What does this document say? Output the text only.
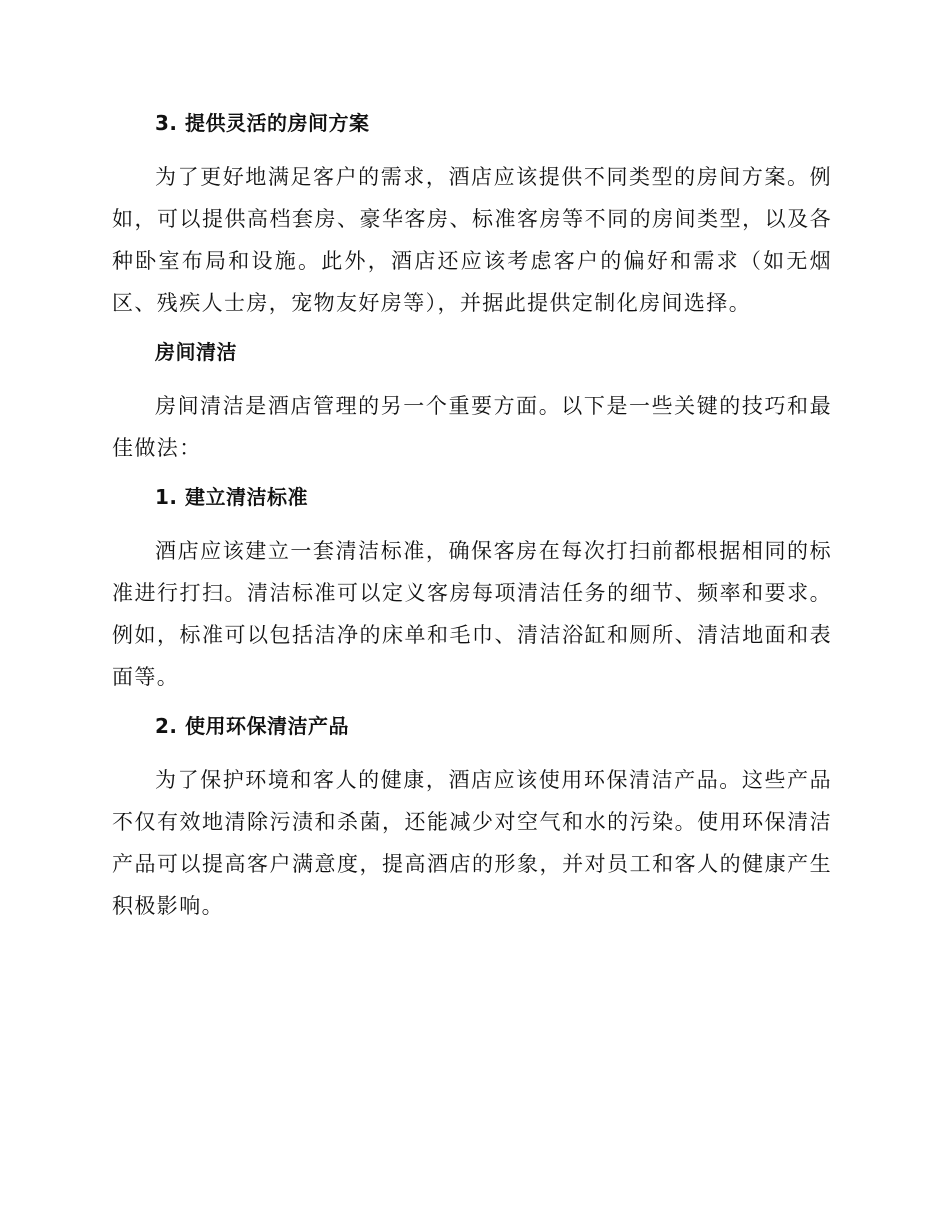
3. 提供灵活的房间方案

为了更好地满足客户的需求，酒店应该提供不同类型的房间方案。例如，可以提供高档套房、豪华客房、标准客房等不同的房间类型，以及各种卧室布局和设施。此外，酒店还应该考虑客户的偏好和需求（如无烟区、残疾人士房，宠物友好房等），并据此提供定制化房间选择。

房间清洁

房间清洁是酒店管理的另一个重要方面。以下是一些关键的技巧和最佳做法：

1. 建立清洁标准

酒店应该建立一套清洁标准，确保客房在每次打扫前都根据相同的标准进行打扫。清洁标准可以定义客房每项清洁任务的细节、频率和要求。例如，标准可以包括洁净的床单和毛巾、清洁浴缸和厕所、清洁地面和表面等。

2. 使用环保清洁产品

为了保护环境和客人的健康，酒店应该使用环保清洁产品。这些产品不仅有效地清除污渍和杀菌，还能减少对空气和水的污染。使用环保清洁产品可以提高客户满意度，提高酒店的形象，并对员工和客人的健康产生积极影响。
